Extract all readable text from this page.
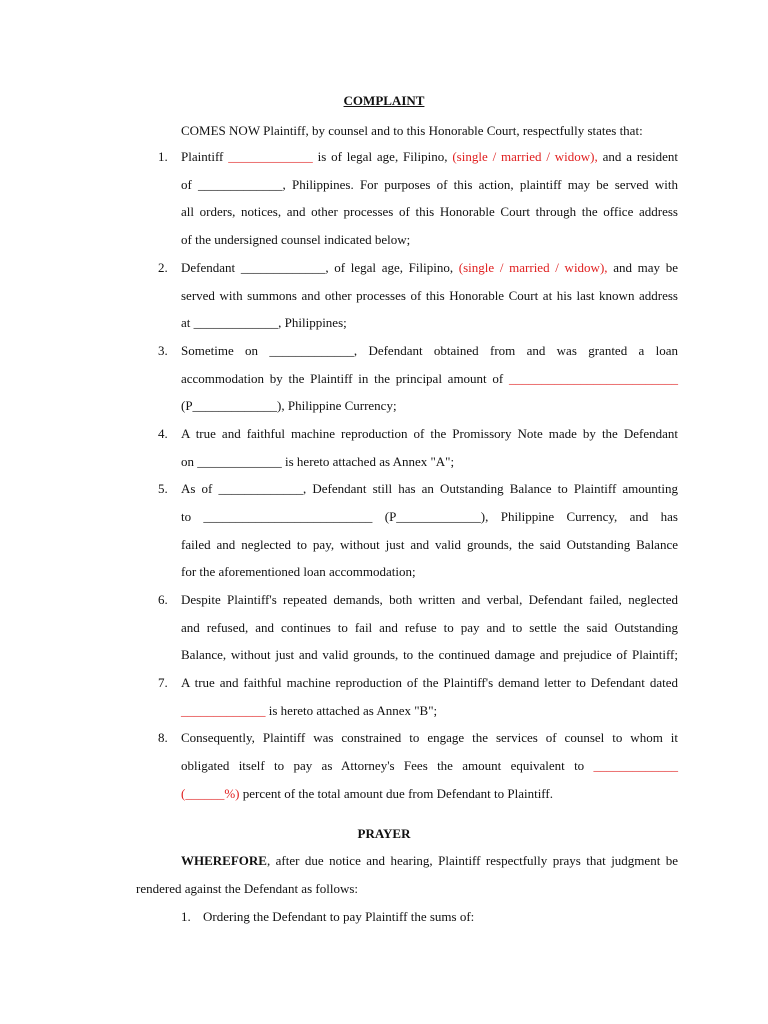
COMPLAINT
COMES NOW Plaintiff, by counsel and to this Honorable Court, respectfully states that:
1. Plaintiff _____________ is of legal age, Filipino, (single / married / widow), and a resident
of _____________, Philippines. For purposes of this action, plaintiff may be served with
all orders, notices, and other processes of this Honorable Court through the office address
of the undersigned counsel indicated below;
2. Defendant _____________, of legal age, Filipino, (single / married / widow), and may be
served with summons and other processes of this Honorable Court at his last known address
at _____________, Philippines;
3. Sometime on _____________, Defendant obtained from and was granted a loan
accommodation by the Plaintiff in the principal amount of __________________________
(P_____________), Philippine Currency;
4. A true and faithful machine reproduction of the Promissory Note made by the Defendant
on _____________ is hereto attached as Annex "A";
5. As of _____________, Defendant still has an Outstanding Balance to Plaintiff amounting
to __________________________ (P_____________), Philippine Currency, and has
failed and neglected to pay, without just and valid grounds, the said Outstanding Balance
for the aforementioned loan accommodation;
6. Despite Plaintiff's repeated demands, both written and verbal, Defendant failed, neglected
and refused, and continues to fail and refuse to pay and to settle the said Outstanding
Balance, without just and valid grounds, to the continued damage and prejudice of Plaintiff;
7. A true and faithful machine reproduction of the Plaintiff's demand letter to Defendant dated
_____________ is hereto attached as Annex "B";
8. Consequently, Plaintiff was constrained to engage the services of counsel to whom it
obligated itself to pay as Attorney's Fees the amount equivalent to _____________
(______%) percent of the total amount due from Defendant to Plaintiff.
PRAYER
WHEREFORE, after due notice and hearing, Plaintiff respectfully prays that judgment be
rendered against the Defendant as follows:
1. Ordering the Defendant to pay Plaintiff the sums of:
